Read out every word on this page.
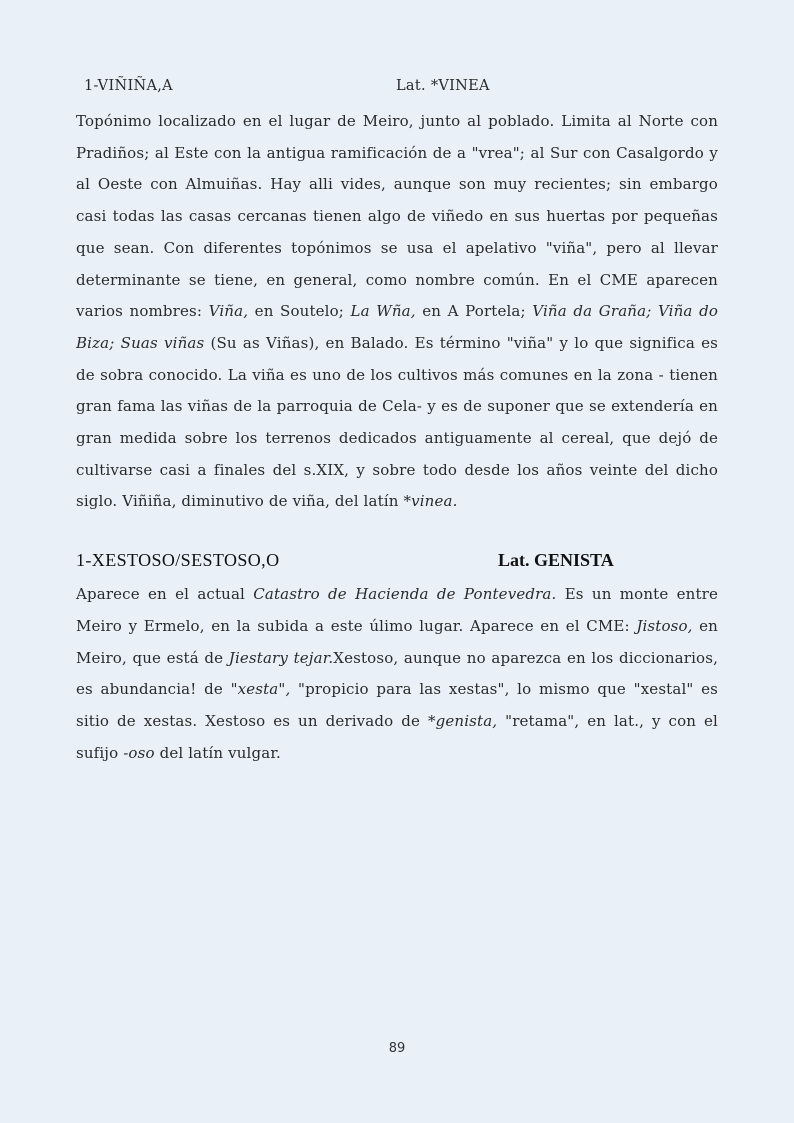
1-VIÑIÑA,A	Lat. *VINEA

Topónimo localizado en el lugar de Meiro, junto al poblado. Limita al Norte con Pradiños; al Este con la antigua ramificación de a "vrea"; al Sur con Casalgordo y al Oeste con Almuiñas. Hay alli vides, aunque son muy recientes; sin embargo casi todas las casas cercanas tienen algo de viñedo en sus huertas por pequeñas que sean. Con diferentes topónimos se usa el apelativo "viña", pero al llevar determinante se tiene, en general, como nombre común. En el CME aparecen varios nombres: Viña, en Soutelo; La Wña, en A Portela; Viña da Graña; Viña do Biza; Suas viñas (Su as Viñas), en Balado. Es término "viña" y lo que significa es de sobra conocido. La viña es uno de los cultivos más comunes en la zona - tienen gran fama las viñas de la parroquia de Cela- y es de suponer que se extendería en gran medida sobre los terrenos dedicados antiguamente al cereal, que dejó de cultivarse casi a finales del s.XIX, y sobre todo desde los años veinte del dicho siglo. Viñiña, diminutivo de viña, del latín *vinea.

1-XESTOSO/SESTOSO,O	Lat. GENISTA

Aparece en el actual Catastro de Hacienda de Pontevedra. Es un monte entre Meiro y Ermelo, en la subida a este úlimo lugar. Aparece en el CME: Jistoso, en Meiro, que está de Jiestary tejar.Xestoso, aunque no aparezca en los diccionarios, es abundancia! de "xesta", "propicio para las xestas", lo mismo que "xestal" es sitio de xestas. Xestoso es un derivado de *genista, "retama", en lat., y con el sufijo -oso del latín vulgar.

89
